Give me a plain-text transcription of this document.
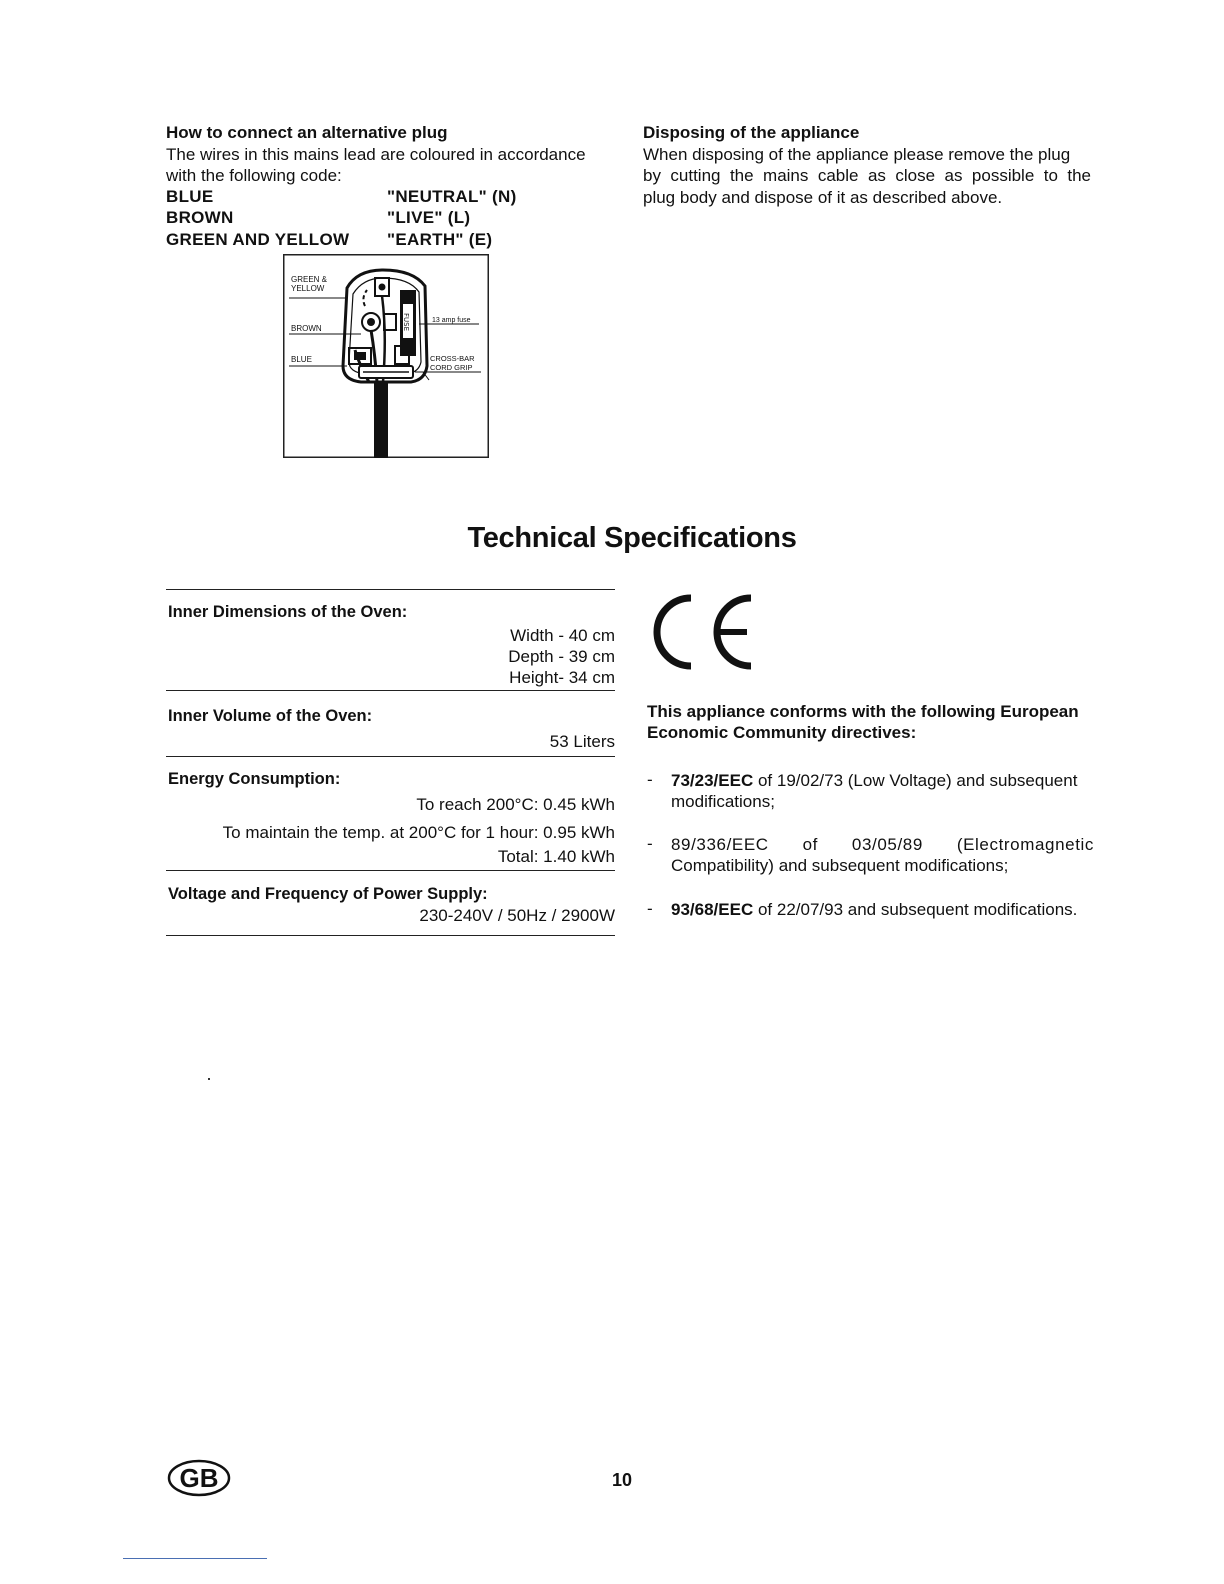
How to connect an alternative plug
The wires in this mains lead are coloured in accordance
with the following code:
BLUE	"NEUTRAL" (N)
BROWN	"LIVE" (L)
GREEN AND YELLOW "EARTH" (E)
FUSE
GREEN &
YELLOW
BROWN
BLUE
13 amp fuse
CROSS-BAR
CORD GRIP
Disposing of the appliance
When disposing of the appliance please remove the plug
by cutting the mains cable as close as possible to the
plug body and dispose of it as described above.
Technical Specifications
Inner Dimensions of the Oven:
Width - 40 cm
Depth - 39 cm
Height- 34 cm
Inner Volume of the Oven:
53 Liters
Energy Consumption:
To reach 200°C: 0.45 kWh
To maintain the temp. at 200°C for 1 hour: 0.95 kWh
Total: 1.40 kWh
Voltage and Frequency of Power Supply:
230-240V / 50Hz / 2900W
This appliance conforms with the following European
Economic Community directives:
- 73/23/EEC of 19/02/73 (Low Voltage) and subsequent
modifications;
- 89/336/EEC of 03/05/89 (Electromagnetic
Compatibility) and subsequent modifications;
- 93/68/EEC of 22/07/93 and subsequent modifications.
GB	10
